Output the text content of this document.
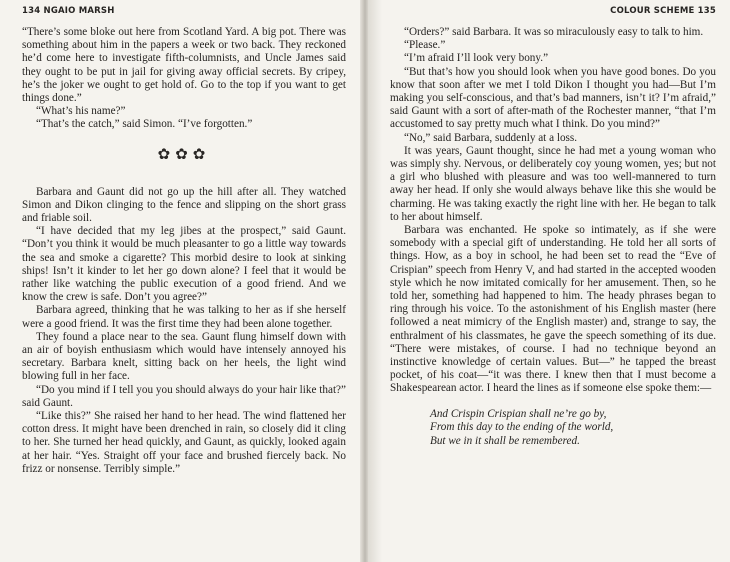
134 NGAIO MARSH

“There’s some bloke out here from Scotland Yard. A big pot. There was something about him in the papers a week or two back. They reckoned he’d come here to investigate fifth-columnists, and Uncle James said they ought to be put in jail for giving away official secrets. By cripey, he’s the joker we ought to get hold of. Go to the top if you want to get things done.”

“What’s his name?”

“That’s the catch,” said Simon. “I’ve forgotten.”

✿✿✿

Barbara and Gaunt did not go up the hill after all. They watched Simon and Dikon clinging to the fence and slipping on the short grass and friable soil.

“I have decided that my leg jibes at the prospect,” said Gaunt. “Don’t you think it would be much pleasanter to go a little way towards the sea and smoke a cigarette? This morbid desire to look at sinking ships! Isn’t it kinder to let her go down alone? I feel that it would be rather like watching the public execution of a good friend. And we know the crew is safe. Don’t you agree?”

Barbara agreed, thinking that he was talking to her as if she herself were a good friend. It was the first time they had been alone together.

They found a place near to the sea. Gaunt flung himself down with an air of boyish enthusiasm which would have intensely annoyed his secretary. Barbara knelt, sitting back on her heels, the light wind blowing full in her face.

“Do you mind if I tell you you should always do your hair like that?” said Gaunt.

“Like this?” She raised her hand to her head. The wind flattened her cotton dress. It might have been drenched in rain, so closely did it cling to her. She turned her head quickly, and Gaunt, as quickly, looked again at her hair. “Yes. Straight off your face and brushed fiercely back. No frizz or nonsense. Terribly simple.”

COLOUR SCHEME 135

“Orders?” said Barbara. It was so miraculously easy to talk to him.

“Please.”

“I’m afraid I’ll look very bony.”

“But that’s how you should look when you have good bones. Do you know that soon after we met I told Dikon I thought you had—But I’m making you self-conscious, and that’s bad manners, isn’t it? I’m afraid,” said Gaunt with a sort of after-math of the Rochester manner, “that I’m accustomed to say pretty much what I think. Do you mind?”

“No,” said Barbara, suddenly at a loss.

It was years, Gaunt thought, since he had met a young woman who was simply shy. Nervous, or deliberately coy young women, yes; but not a girl who blushed with pleasure and was too well-mannered to turn away her head. If only she would always behave like this she would be charming. He was taking exactly the right line with her. He began to talk to her about himself.

Barbara was enchanted. He spoke so intimately, as if she were somebody with a special gift of understanding. He told her all sorts of things. How, as a boy in school, he had been set to read the “Eve of Crispian” speech from Henry V, and had started in the accepted wooden style which he now imitated comically for her amusement. Then, so he told her, something had happened to him. The heady phrases began to ring through his voice. To the astonishment of his English master (here followed a neat mimicry of the English master) and, strange to say, the enthralment of his classmates, he gave the speech something of its due. “There were mistakes, of course. I had no technique beyond an instinctive knowledge of certain values. But—” he tapped the breast pocket, of his coat—“it was there. I knew then that I must become a Shakespearean actor. I heard the lines as if someone else spoke them:—

And Crispin Crispian shall ne’re go by,
From this day to the ending of the world,
But we in it shall be remembered.
